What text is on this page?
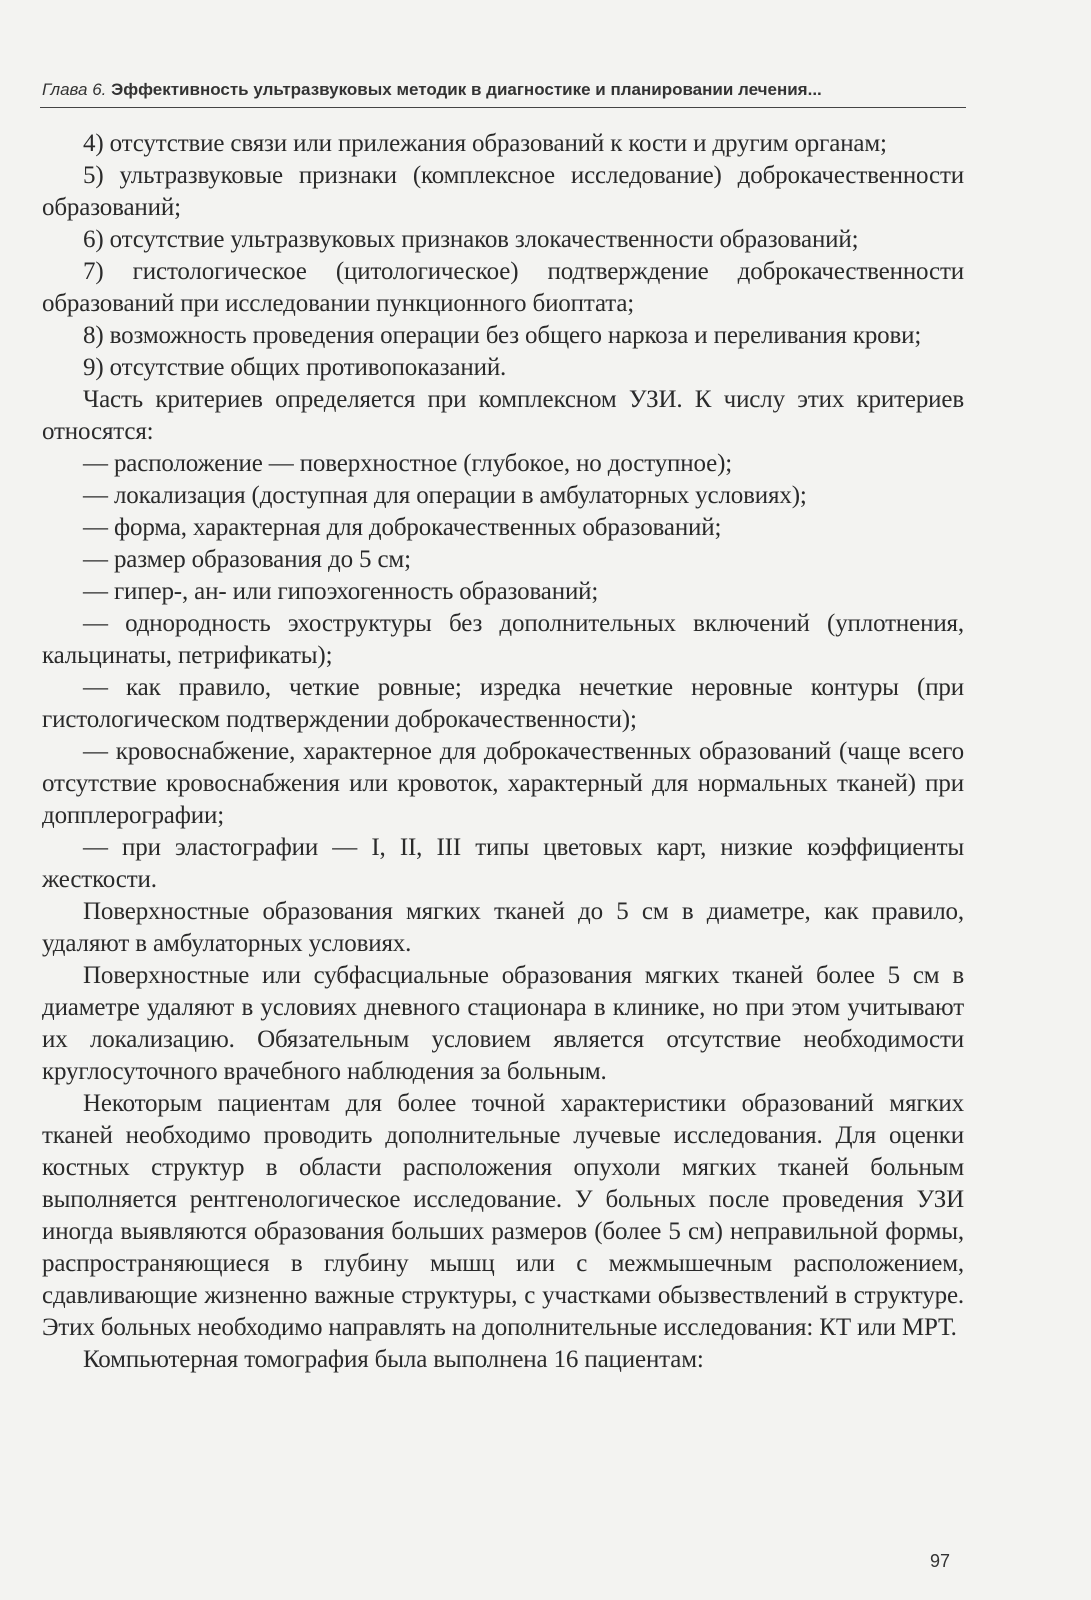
Глава 6. Эффективность ультразвуковых методик в диагностике и планировании лечения...

4) отсутствие связи или прилежания образований к кости и другим органам;

5) ультразвуковые признаки (комплексное исследование) доброкачественности образований;

6) отсутствие ультразвуковых признаков злокачественности образований;

7) гистологическое (цитологическое) подтверждение доброкачественности образований при исследовании пункционного биоптата;

8) возможность проведения операции без общего наркоза и переливания крови;

9) отсутствие общих противопоказаний.

Часть критериев определяется при комплексном УЗИ. К числу этих критериев относятся:

— расположение — поверхностное (глубокое, но доступное);

— локализация (доступная для операции в амбулаторных условиях);

— форма, характерная для доброкачественных образований;

— размер образования до 5 см;

— гипер-, ан- или гипоэхогенность образований;

— однородность эхоструктуры без дополнительных включений (уплотнения, кальцинаты, петрификаты);

— как правило, четкие ровные; изредка нечеткие неровные контуры (при гистологическом подтверждении доброкачественности);

— кровоснабжение, характерное для доброкачественных образований (чаще всего отсутствие кровоснабжения или кровоток, характерный для нормальных тканей) при допплерографии;

— при эластографии — I, II, III типы цветовых карт, низкие коэффициенты жесткости.

Поверхностные образования мягких тканей до 5 см в диаметре, как правило, удаляют в амбулаторных условиях.

Поверхностные или субфасциальные образования мягких тканей более 5 см в диаметре удаляют в условиях дневного стационара в клинике, но при этом учитывают их локализацию. Обязательным условием является отсутствие необходимости круглосуточного врачебного наблюдения за больным.

Некоторым пациентам для более точной характеристики образований мягких тканей необходимо проводить дополнительные лучевые исследования. Для оценки костных структур в области расположения опухоли мягких тканей больным выполняется рентгенологическое исследование. У больных после проведения УЗИ иногда выявляются образования больших размеров (более 5 см) неправильной формы, распространяющиеся в глубину мышц или с межмышечным расположением, сдавливающие жизненно важные структуры, с участками обызвествлений в структуре. Этих больных необходимо направлять на дополнительные исследования: КТ или МРТ.

Компьютерная томография была выполнена 16 пациентам:

97
